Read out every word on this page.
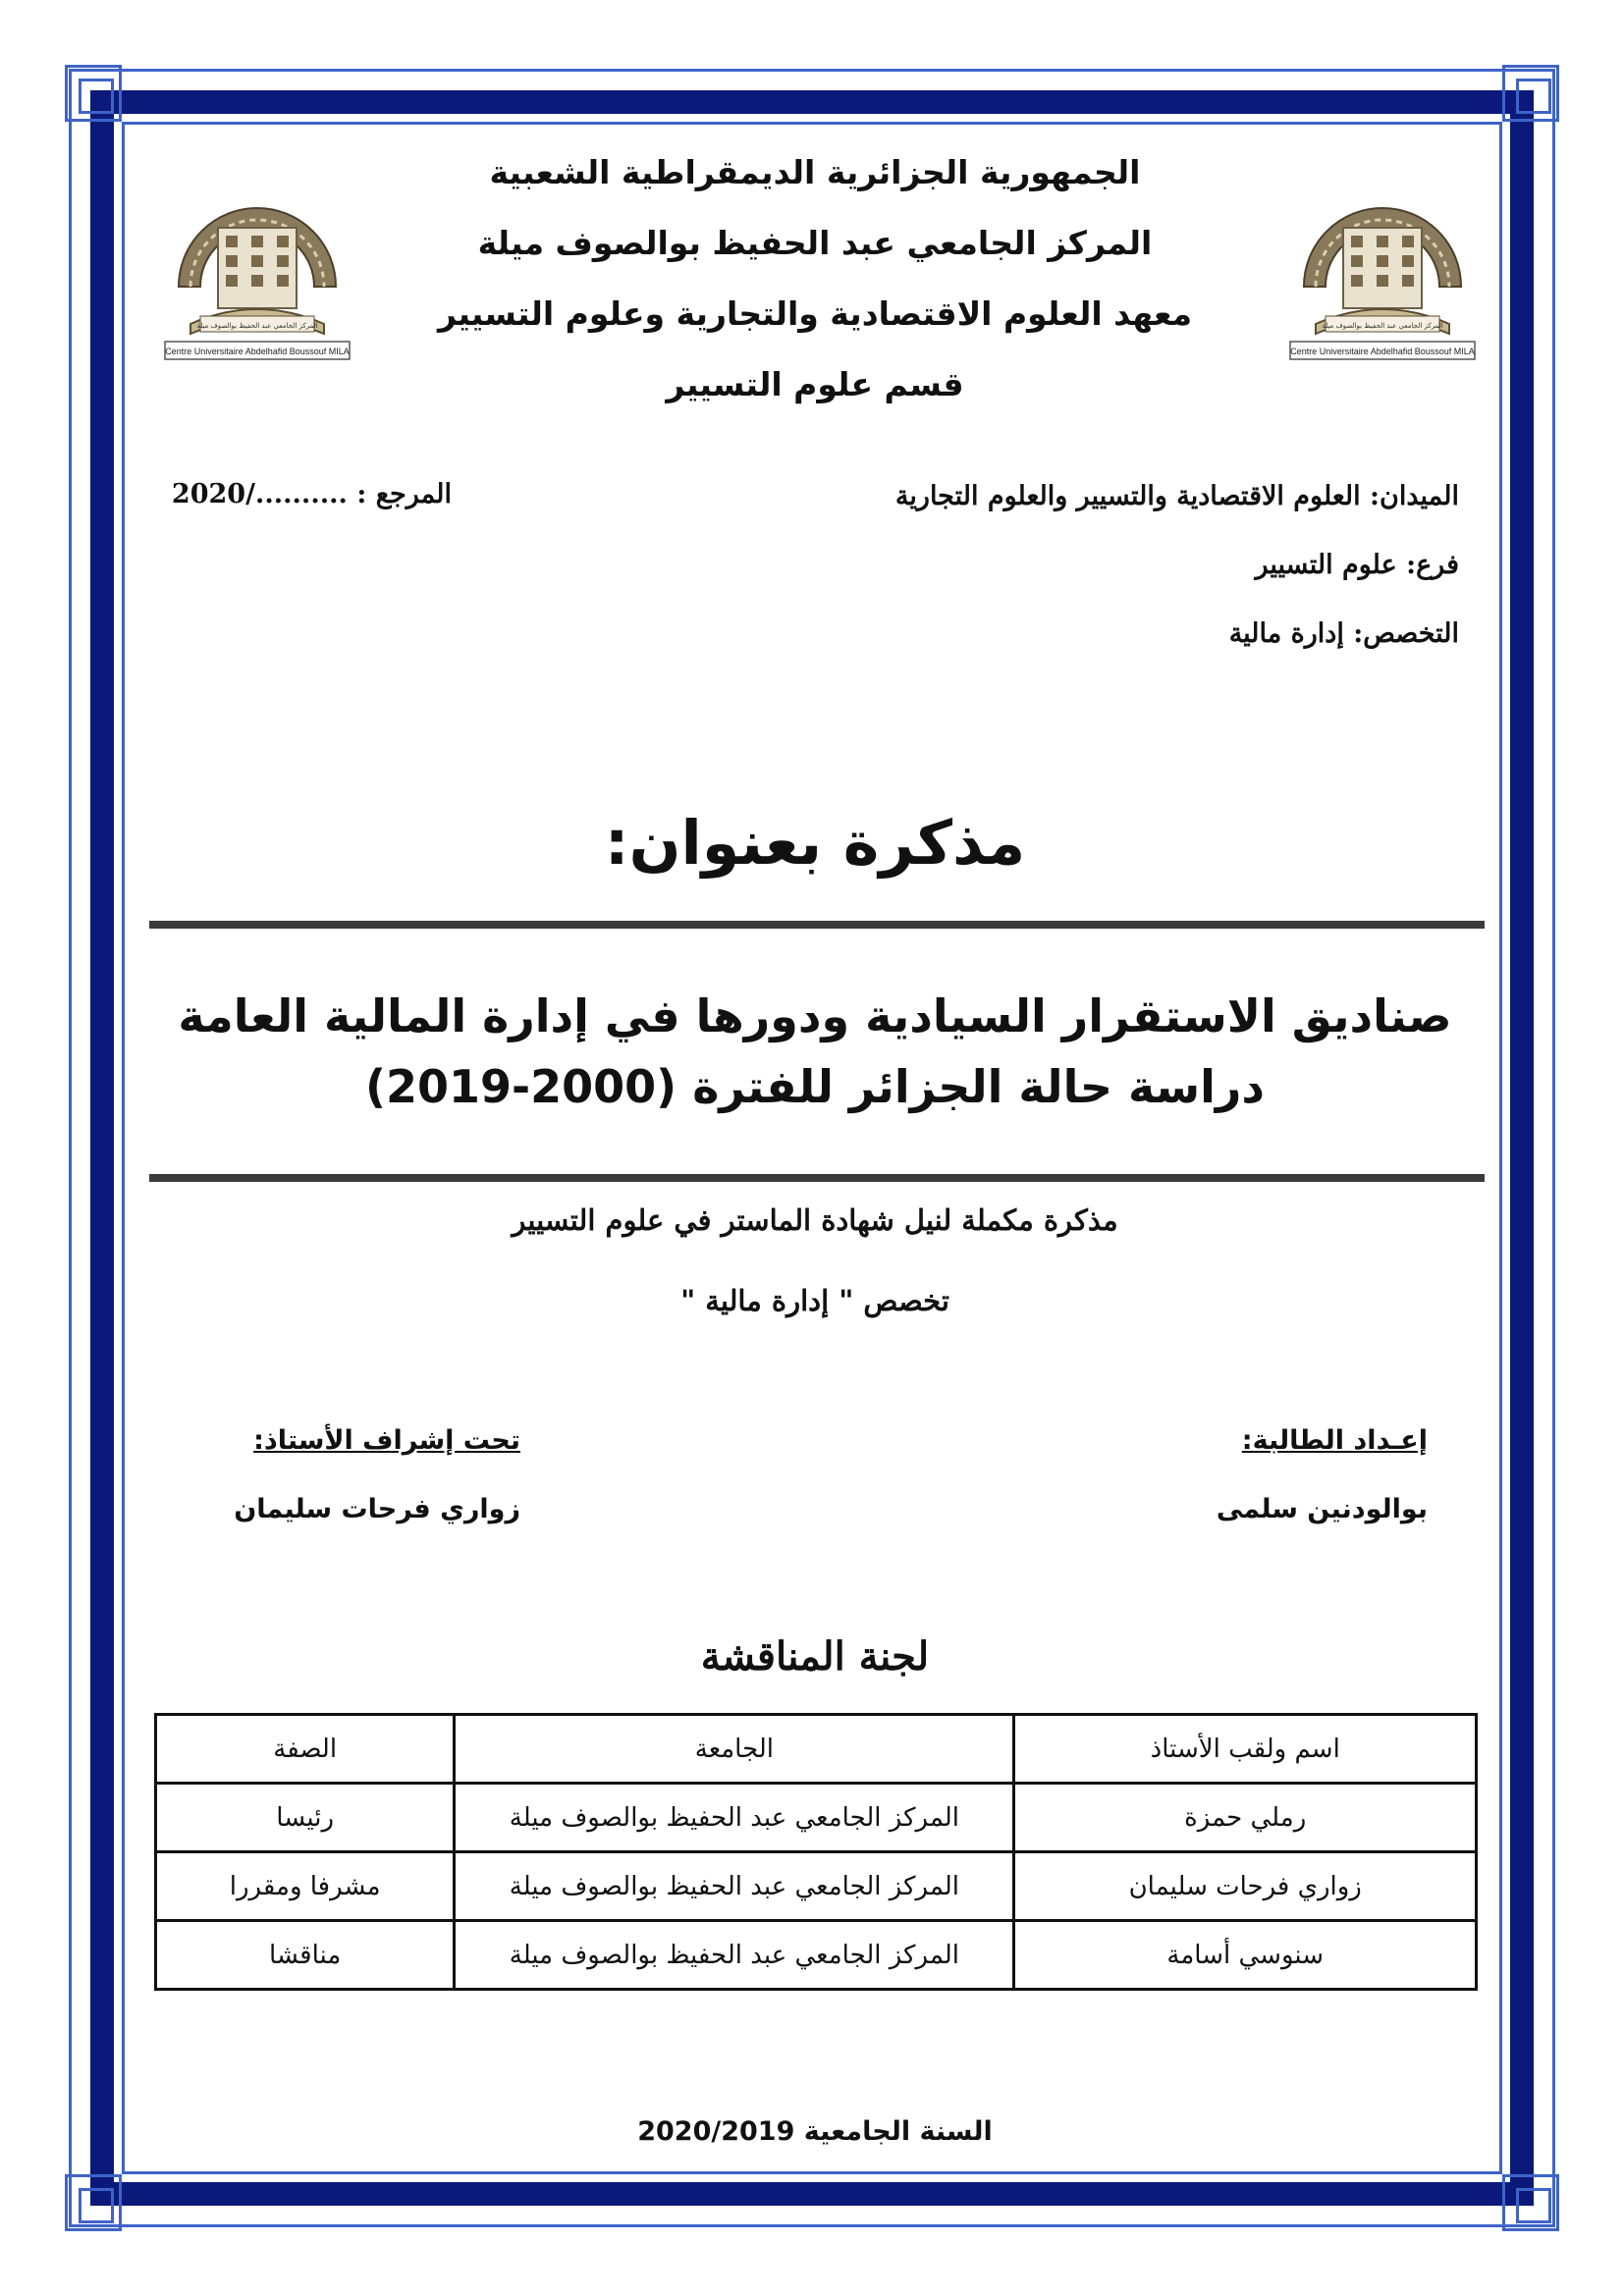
المركز الجامعي عبد الحفيظ بوالصوف ميلة
Centre Universitaire Abdelhafid Boussouf MILA
المركز الجامعي عبد الحفيظ بوالصوف ميلة
Centre Universitaire Abdelhafid Boussouf MILA
الجمهورية الجزائرية الديمقراطية الشعبية
المركز الجامعي عبد الحفيظ بوالصوف ميلة
معهد العلوم الاقتصادية والتجارية وعلوم التسيير
قسم علوم التسيير
الميدان: العلوم الاقتصادية والتسيير والعلوم التجارية
المرجع : ........../2020
فرع: علوم التسيير
التخصص: إدارة مالية
مذكرة بعنوان:
صناديق الاستقرار السيادية ودورها في إدارة المالية العامة
دراسة حالة الجزائر للفترة (2000-2019)
مذكرة مكملة لنيل شهادة الماستر في علوم التسيير
تخصص " إدارة مالية "
إعـداد الطالبة:
بوالودنين سلمى
تحت إشراف الأستاذ:
زواري فرحات سليمان
لجنة المناقشة
اسم ولقب الأستاذ	الجامعة	الصفة
رملي حمزة	المركز الجامعي عبد الحفيظ بوالصوف ميلة	رئيسا
زواري فرحات سليمان	المركز الجامعي عبد الحفيظ بوالصوف ميلة	مشرفا ومقررا
سنوسي أسامة	المركز الجامعي عبد الحفيظ بوالصوف ميلة	مناقشا
السنة الجامعية 2020/2019
